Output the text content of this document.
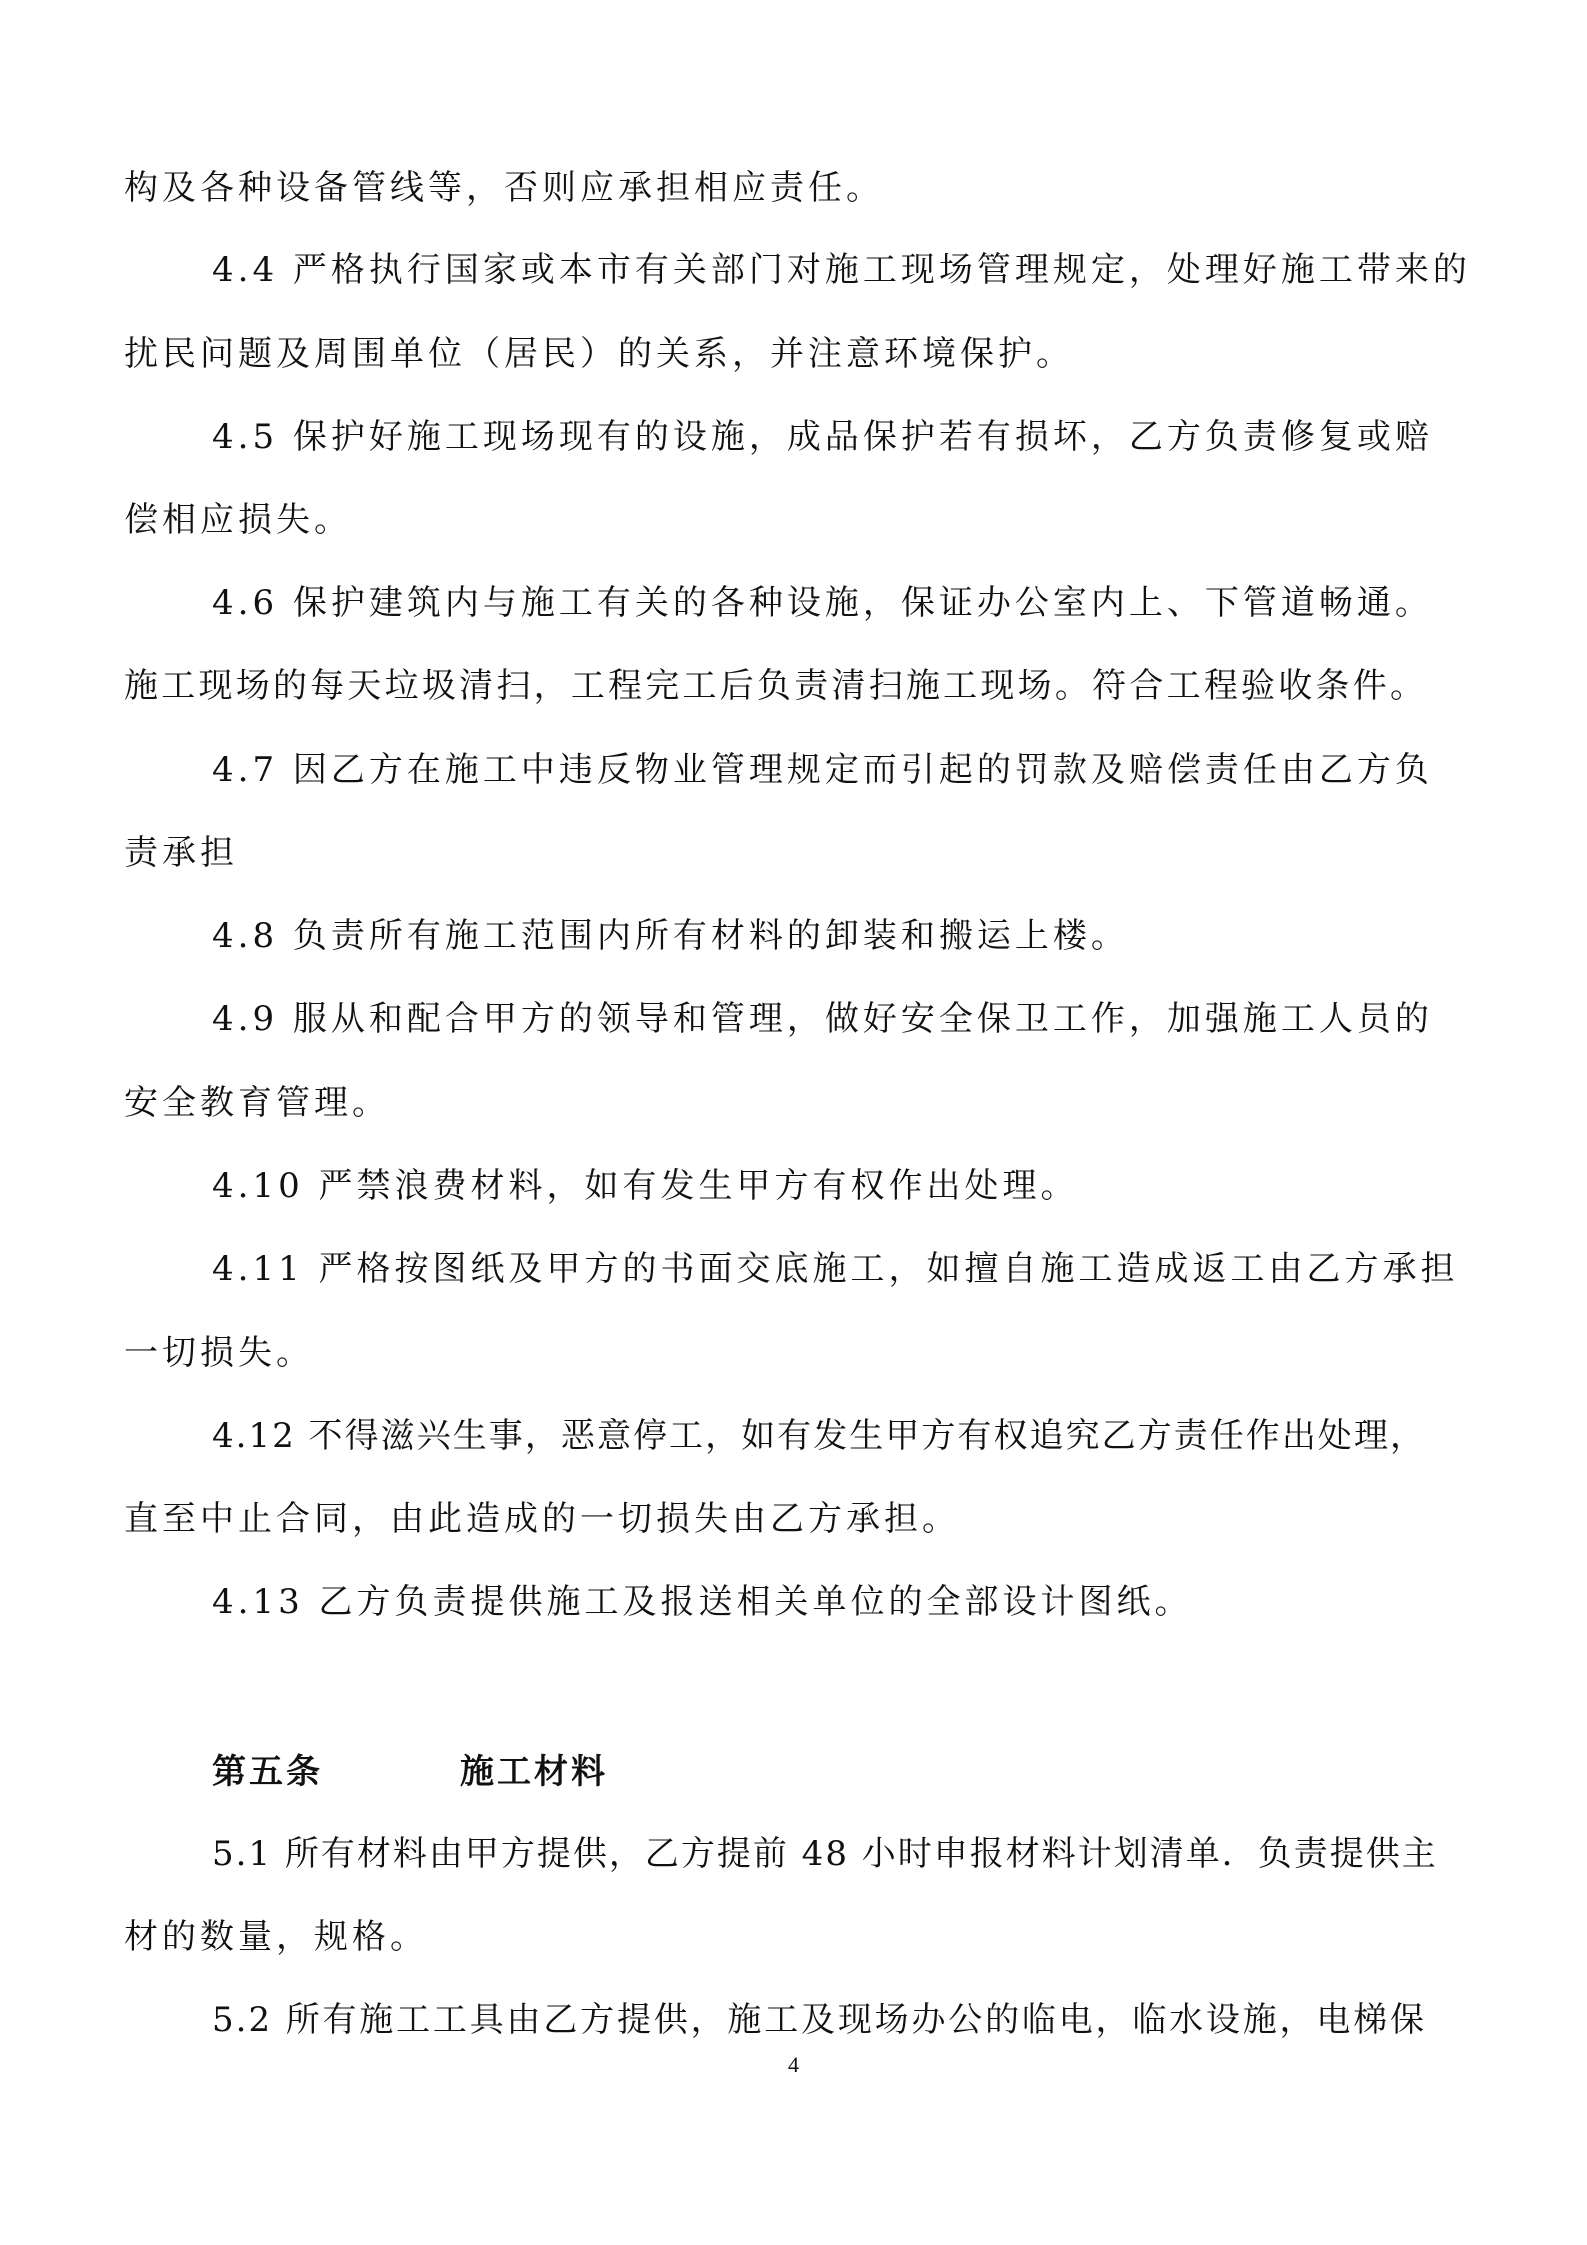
构及各种设备管线等，否则应承担相应责任。
4.4 严格执行国家或本市有关部门对施工现场管理规定，处理好施工带来的
扰民问题及周围单位（居民）的关系，并注意环境保护。
4.5 保护好施工现场现有的设施，成品保护若有损坏，乙方负责修复或赔
偿相应损失。
4.6 保护建筑内与施工有关的各种设施，保证办公室内上、下管道畅通。
施工现场的每天垃圾清扫，工程完工后负责清扫施工现场。符合工程验收条件。
4.7 因乙方在施工中违反物业管理规定而引起的罚款及赔偿责任由乙方负
责承担
4.8 负责所有施工范围内所有材料的卸装和搬运上楼。
4.9 服从和配合甲方的领导和管理，做好安全保卫工作，加强施工人员的
安全教育管理。
4.10 严禁浪费材料，如有发生甲方有权作出处理。
4.11 严格按图纸及甲方的书面交底施工，如擅自施工造成返工由乙方承担
一切损失。
4.12 不得滋兴生事，恶意停工，如有发生甲方有权追究乙方责任作出处理，
直至中止合同，由此造成的一切损失由乙方承担。
4.13 乙方负责提供施工及报送相关单位的全部设计图纸。
第五条	施工材料
5.1 所有材料由甲方提供，乙方提前 48 小时申报材料计划清单．负责提供主
材的数量，规格。
5.2 所有施工工具由乙方提供，施工及现场办公的临电，临水设施，电梯保
4
